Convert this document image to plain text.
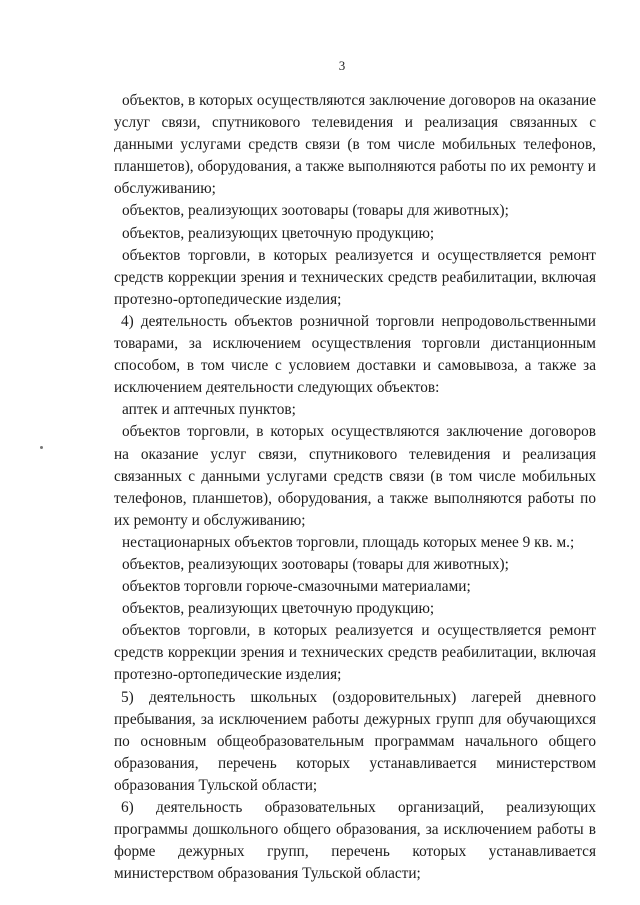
3

объектов, в которых осуществляются заключение договоров на оказание услуг связи, спутникового телевидения и реализация связанных с данными услугами средств связи (в том числе мобильных телефонов, планшетов), оборудования, а также выполняются работы по их ремонту и обслуживанию;

объектов, реализующих зоотовары (товары для животных);

объектов, реализующих цветочную продукцию;

объектов торговли, в которых реализуется и осуществляется ремонт средств коррекции зрения и технических средств реабилитации, включая протезно-ортопедические изделия;

4) деятельность объектов розничной торговли непродовольственными товарами, за исключением осуществления торговли дистанционным способом, в том числе с условием доставки и самовывоза, а также за исключением деятельности следующих объектов:

аптек и аптечных пунктов;

объектов торговли, в которых осуществляются заключение договоров на оказание услуг связи, спутникового телевидения и реализация связанных с данными услугами средств связи (в том числе мобильных телефонов, планшетов), оборудования, а также выполняются работы по их ремонту и обслуживанию;

нестационарных объектов торговли, площадь которых менее 9 кв. м.;

объектов, реализующих зоотовары (товары для животных);

объектов торговли горюче-смазочными материалами;

объектов, реализующих цветочную продукцию;

объектов торговли, в которых реализуется и осуществляется ремонт средств коррекции зрения и технических средств реабилитации, включая протезно-ортопедические изделия;

5) деятельность школьных (оздоровительных) лагерей дневного пребывания, за исключением работы дежурных групп для обучающихся по основным общеобразовательным программам начального общего образования, перечень которых устанавливается министерством образования Тульской области;

6) деятельность образовательных организаций, реализующих программы дошкольного общего образования, за исключением работы в форме дежурных групп, перечень которых устанавливается министерством образования Тульской области;
